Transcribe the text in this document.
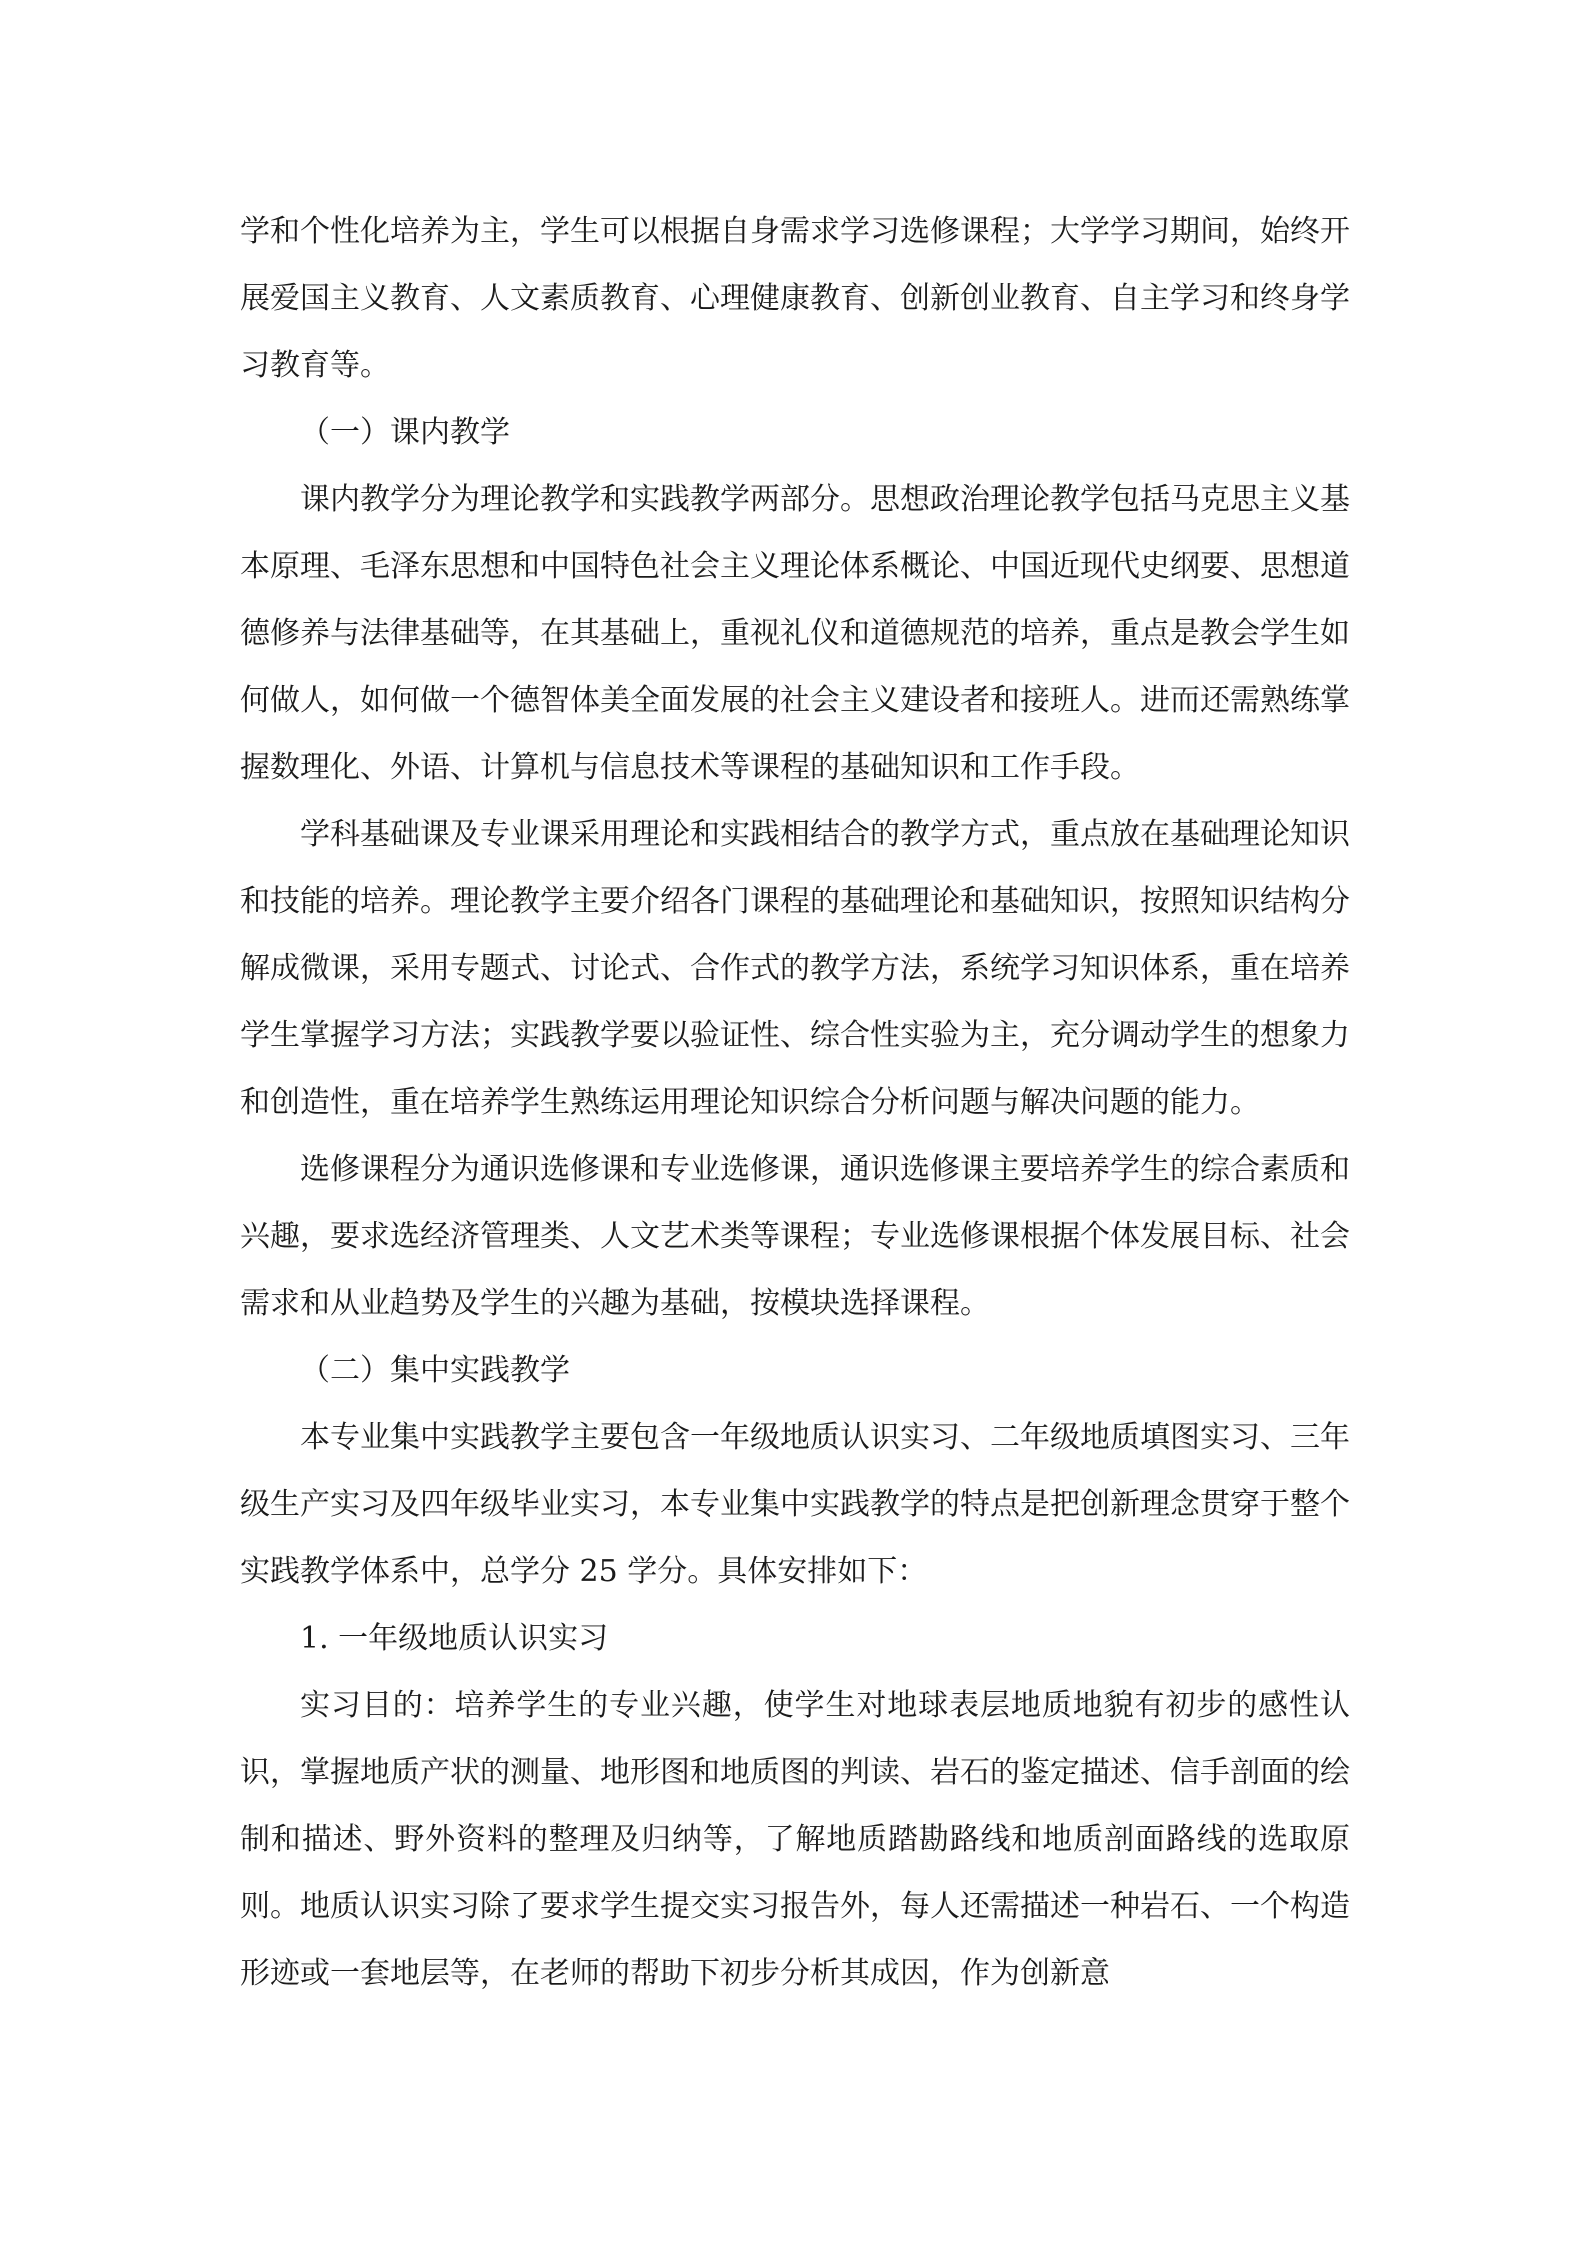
学和个性化培养为主，学生可以根据自身需求学习选修课程；大学学习期间，始终开展爱国主义教育、人文素质教育、心理健康教育、创新创业教育、自主学习和终身学习教育等。

（一）课内教学

课内教学分为理论教学和实践教学两部分。思想政治理论教学包括马克思主义基本原理、毛泽东思想和中国特色社会主义理论体系概论、中国近现代史纲要、思想道德修养与法律基础等，在其基础上，重视礼仪和道德规范的培养，重点是教会学生如何做人，如何做一个德智体美全面发展的社会主义建设者和接班人。进而还需熟练掌握数理化、外语、计算机与信息技术等课程的基础知识和工作手段。

学科基础课及专业课采用理论和实践相结合的教学方式，重点放在基础理论知识和技能的培养。理论教学主要介绍各门课程的基础理论和基础知识，按照知识结构分解成微课，采用专题式、讨论式、合作式的教学方法，系统学习知识体系，重在培养学生掌握学习方法；实践教学要以验证性、综合性实验为主，充分调动学生的想象力和创造性，重在培养学生熟练运用理论知识综合分析问题与解决问题的能力。

选修课程分为通识选修课和专业选修课，通识选修课主要培养学生的综合素质和兴趣，要求选经济管理类、人文艺术类等课程；专业选修课根据个体发展目标、社会需求和从业趋势及学生的兴趣为基础，按模块选择课程。

（二）集中实践教学

本专业集中实践教学主要包含一年级地质认识实习、二年级地质填图实习、三年级生产实习及四年级毕业实习，本专业集中实践教学的特点是把创新理念贯穿于整个实践教学体系中，总学分 25 学分。具体安排如下：

1. 一年级地质认识实习

实习目的：培养学生的专业兴趣，使学生对地球表层地质地貌有初步的感性认识，掌握地质产状的测量、地形图和地质图的判读、岩石的鉴定描述、信手剖面的绘制和描述、野外资料的整理及归纳等，了解地质踏勘路线和地质剖面路线的选取原则。地质认识实习除了要求学生提交实习报告外，每人还需描述一种岩石、一个构造形迹或一套地层等，在老师的帮助下初步分析其成因，作为创新意
